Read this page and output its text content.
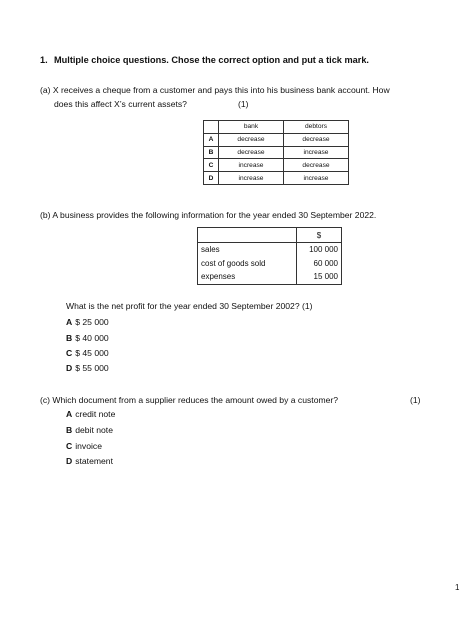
1. Multiple choice questions. Chose the correct option and put a tick mark.
(a) X receives a cheque from a customer and pays this into his business bank account. How
does this affect X’s current assets?	(1)
	bank	debtors
A	decrease	decrease
B	decrease	increase
C	increase	decrease
D	increase	increase
(b) A business provides the following information for the year ended 30 September 2022.
	$
sales	100 000
cost of goods sold	60 000
expenses	15 000
What is the net profit for the year ended 30 September 2002? (1)
A $ 25 000
B $ 40 000
C $ 45 000
D $ 55 000
(c) Which document from a supplier reduces the amount owed by a customer?	(1)
A credit note
B debit note
C invoice
D statement
1
